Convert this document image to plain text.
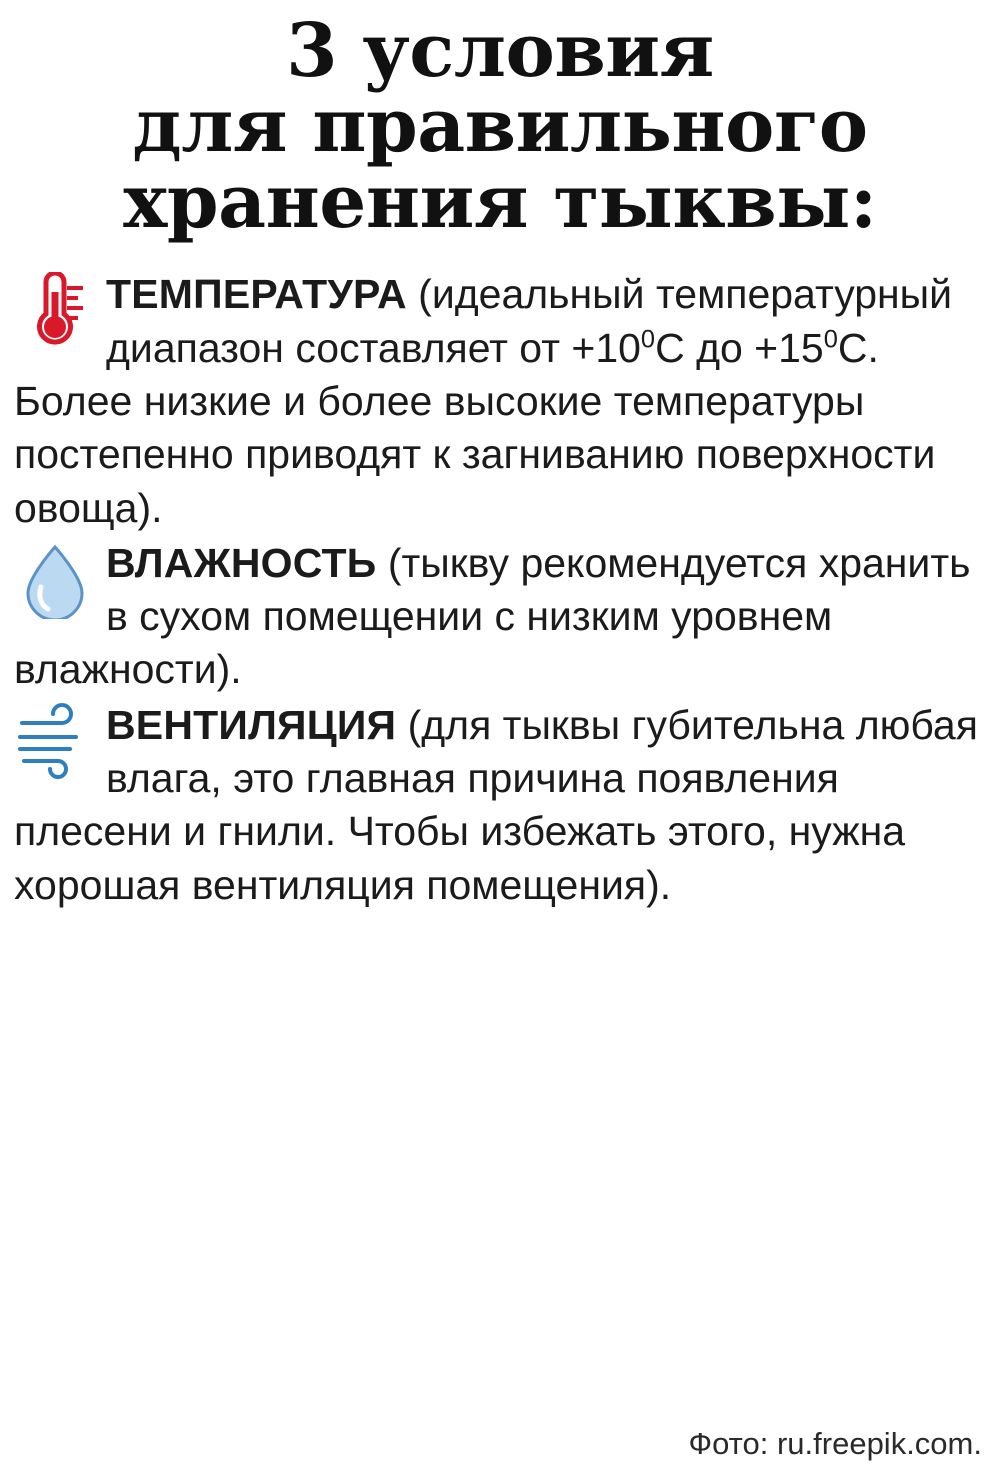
3 условия
для правильного
хранения тыквы:
ТЕМПЕРАТУРА (идеальный температурный диапазон составляет от $+10^0С$ до $+15^0С$. Более низкие и более высокие температуры постепенно приводят к загниванию поверхности овоща).
ВЛАЖНОСТЬ (тыкву рекомендуется хранить в сухом помещении с низким уровнем влажности).
ВЕНТИЛЯЦИЯ (для тыквы губительна любая влага, это главная причина появления плесени и гнили. Чтобы избежать этого, нужна хорошая вентиляция помещения).
Фото: ru.freepik.com.
